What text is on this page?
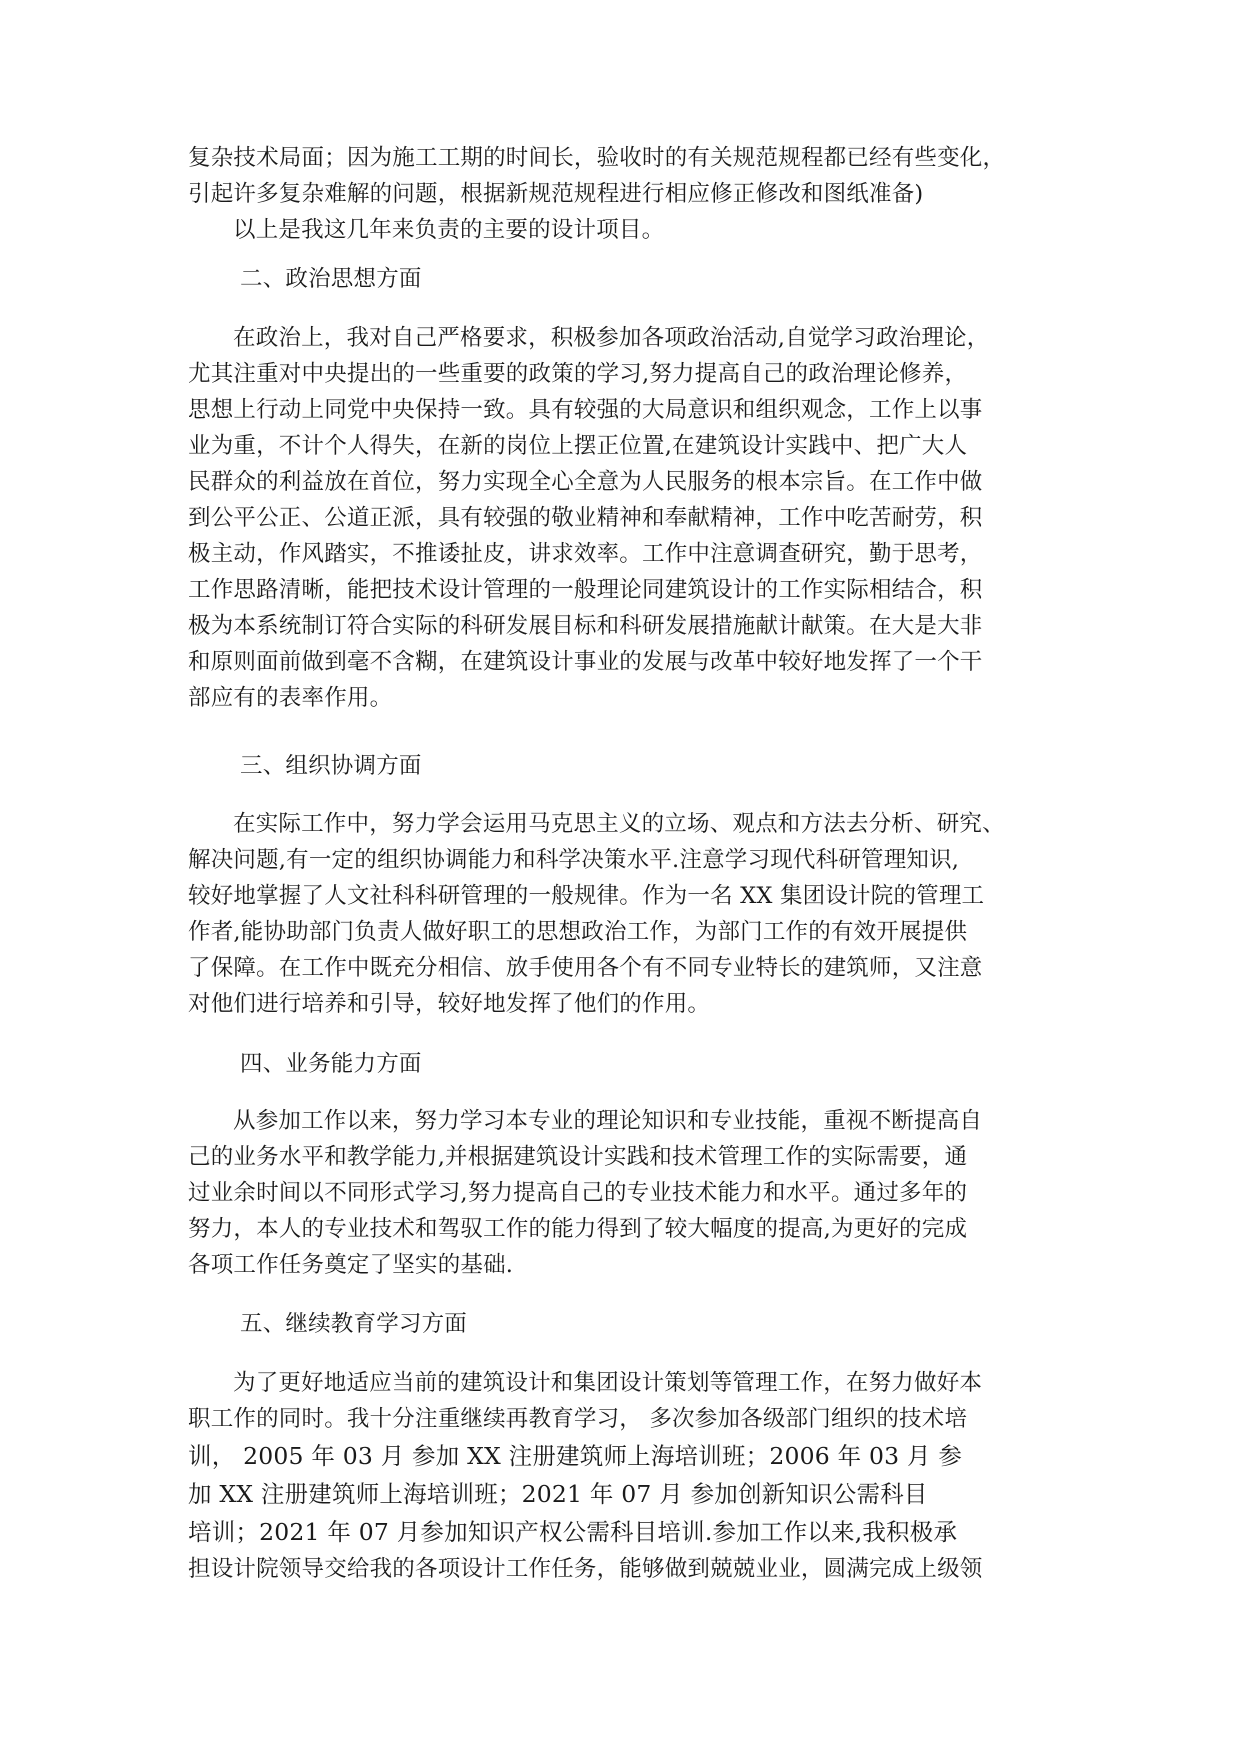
复杂技术局面；因为施工工期的时间长，验收时的有关规范规程都已经有些变化，
引起许多复杂难解的问题，根据新规范规程进行相应修正修改和图纸准备)
以上是我这几年来负责的主要的设计项目。
二、政治思想方面
在政治上，我对自己严格要求，积极参加各项政治活动,自觉学习政治理论，
尤其注重对中央提出的一些重要的政策的学习,努力提高自己的政治理论修养，
思想上行动上同党中央保持一致。具有较强的大局意识和组织观念，工作上以事
业为重，不计个人得失，在新的岗位上摆正位置,在建筑设计实践中、把广大人
民群众的利益放在首位，努力实现全心全意为人民服务的根本宗旨。在工作中做
到公平公正、公道正派，具有较强的敬业精神和奉献精神，工作中吃苦耐劳，积
极主动，作风踏实，不推诿扯皮，讲求效率。工作中注意调查研究，勤于思考，
工作思路清晰，能把技术设计管理的一般理论同建筑设计的工作实际相结合，积
极为本系统制订符合实际的科研发展目标和科研发展措施献计献策。在大是大非
和原则面前做到毫不含糊，在建筑设计事业的发展与改革中较好地发挥了一个干
部应有的表率作用。
三、组织协调方面
在实际工作中，努力学会运用马克思主义的立场、观点和方法去分析、研究、
解决问题,有一定的组织协调能力和科学决策水平.注意学习现代科研管理知识,
较好地掌握了人文社科科研管理的一般规律。作为一名 XX 集团设计院的管理工
作者,能协助部门负责人做好职工的思想政治工作，为部门工作的有效开展提供
了保障。在工作中既充分相信、放手使用各个有不同专业特长的建筑师，又注意
对他们进行培养和引导，较好地发挥了他们的作用。
四、业务能力方面
从参加工作以来，努力学习本专业的理论知识和专业技能，重视不断提高自
己的业务水平和教学能力,并根据建筑设计实践和技术管理工作的实际需要，通
过业余时间以不同形式学习,努力提高自己的专业技术能力和水平。通过多年的
努力，本人的专业技术和驾驭工作的能力得到了较大幅度的提高,为更好的完成
各项工作任务奠定了坚实的基础.
五、继续教育学习方面
为了更好地适应当前的建筑设计和集团设计策划等管理工作，在努力做好本
职工作的同时。我十分注重继续再教育学习， 多次参加各级部门组织的技术培
训， 2005 年 03 月 参加 XX 注册建筑师上海培训班；2006 年 03 月 参
加 XX 注册建筑师上海培训班；2021 年 07 月 参加创新知识公需科目
培训；2021 年 07 月参加知识产权公需科目培训.参加工作以来,我积极承
担设计院领导交给我的各项设计工作任务，能够做到兢兢业业，圆满完成上级领
